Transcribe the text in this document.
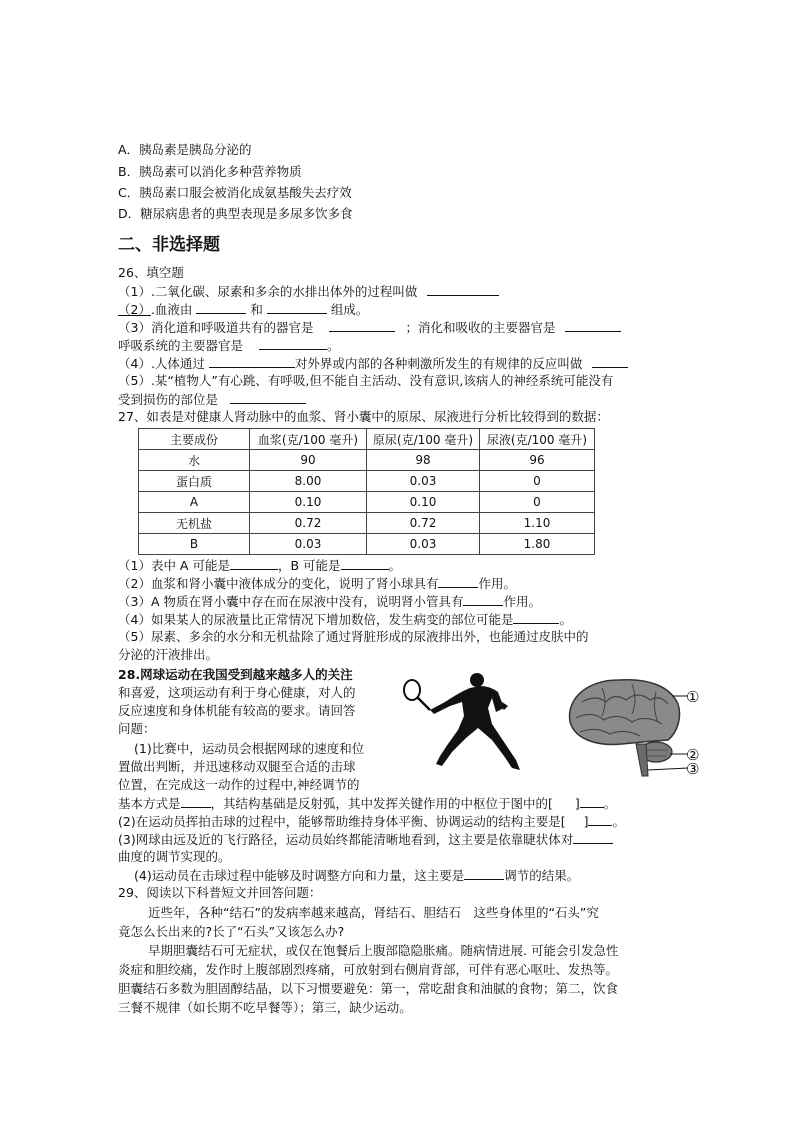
A．胰岛素是胰岛分泌的
B．胰岛素可以消化多种营养物质
C．胰岛素口服会被消化成氨基酸失去疗效
D．糖尿病患者的典型表现是多尿多饮多食
二、非选择题
26、填空题
（1）.二氧化碳、尿素和多余的水排出体外的过程叫做
（2）.血液由	和	组成。
（3）消化道和呼吸道共有的器官是	；消化和吸收的主要器官是
呼吸系统的主要器官是	。
（4）.人体通过	对外界或内部的各种刺激所发生的有规律的反应叫做
（5）.某“植物人”有心跳、有呼吸,但不能自主活动、没有意识,该病人的神经系统可能没有
受到损伤的部位是
27、如表是对健康人肾动脉中的血浆、肾小囊中的原尿、尿液进行分析比较得到的数据：
主要成份	血浆(克/100 毫升)	原尿(克/100 毫升)	尿液(克/100 毫升)
水	90	98	96
蛋白质	8.00	0.03	0
A	0.10	0.10	0
无机盐	0.72	0.72	1.10
B	0.03	0.03	1.80
（1）表中 A 可能是	，B 可能是	。
（2）血浆和肾小囊中液体成分的变化，说明了肾小球具有	作用。
（3）A 物质在肾小囊中存在而在尿液中没有，说明肾小管具有	作用。
（4）如果某人的尿液量比正常情况下增加数倍，发生病变的部位可能是	。
（5）尿素、多余的水分和无机盐除了通过肾脏形成的尿液排出外，也能通过皮肤中的
分泌的汗液排出。
28.网球运动在我国受到越来越多人的关注
和喜爱，这项运动有利于身心健康，对人的
反应速度和身体机能有较高的要求。请回答
问题：
(1)比赛中，运动员会根据网球的速度和位
置做出判断，并迅速移动双腿至合适的击球
位置，在完成这一动作的过程中,神经调节的
基本方式是 ，其结构基础是反射弧，其中发挥关键作用的中枢位于图中的[ ] 。
(2)在运动员挥拍击球的过程中，能够帮助维持身体平衡、协调运动的结构主要是[ ] 。
(3)网球由远及近的飞行路径，运动员始终都能清晰地看到，这主要是依靠睫状体对
曲度的调节实现的。
(4)运动员在击球过程中能够及时调整方向和力量，这主要是	调节的结果。
①
②
③
29、阅读以下科普短文并回答问题：
近些年，各种“结石”的发病率越来越高，肾结石、胆结石　这些身体里的“石头”究
竟怎么长出来的?长了“石头”又该怎么办?
早期胆囊结石可无症状，或仅在饱餐后上腹部隐隐胀痛。随病情进展. 可能会引发急性
炎症和胆绞痛，发作时上腹部剧烈疼痛，可放射到右侧肩背部，可伴有恶心呕吐、发热等。
胆囊结石多数为胆固醇结晶，以下习惯要避免：第一，常吃甜食和油腻的食物；第二，饮食
三餐不规律（如长期不吃早餐等）；第三，缺少运动。
